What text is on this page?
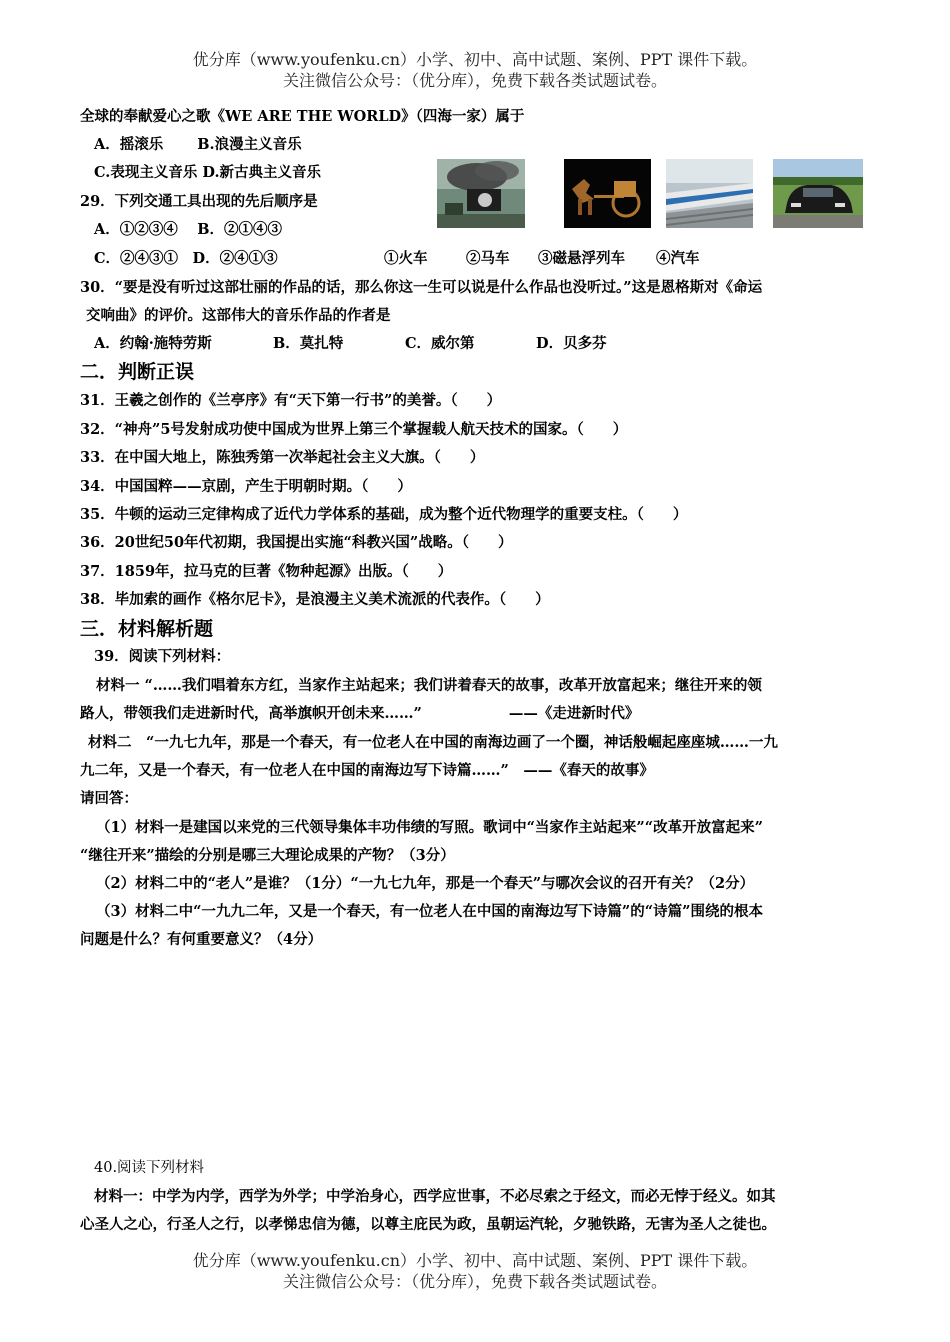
优分库（www.youfenku.cn）小学、初中、高中试题、案例、PPT 课件下载。
关注微信公众号：（优分库），免费下载各类试题试卷。
全球的奉献爱心之歌《WE ARE THE WORLD》（四海一家）属于
A．摇滚乐　　 B.浪漫主义音乐
C.表现主义音乐 D.新古典主义音乐
29．下列交通工具出现的先后顺序是
A．①②③④　 B．②①④③
C．②④③①　D．②④①③	①火车	②马车 ③磁悬浮列车 ④汽车
30．“要是没有听过这部壮丽的作品的话，那么你这一生可以说是什么作品也没听过。”这是恩格斯对《命运
交响曲》的评价。这部伟大的音乐作品的作者是
A．约翰·施特劳斯	B．莫扎特	C．威尔第	D．贝多芬
二．判断正误
31．王羲之创作的《兰亭序》有“天下第一行书”的美誉。（　　）
32．“神舟”5号发射成功使中国成为世界上第三个掌握载人航天技术的国家。（　　）
33．在中国大地上，陈独秀第一次举起社会主义大旗。（　　）
34．中国国粹——京剧，产生于明朝时期。（　　）
35．牛顿的运动三定律构成了近代力学体系的基础，成为整个近代物理学的重要支柱。（　　）
36．20世纪50年代初期，我国提出实施“科教兴国”战略。（　　）
37．1859年，拉马克的巨著《物种起源》出版。（　　）
38．毕加索的画作《格尔尼卡》，是浪漫主义美术流派的代表作。（　　）
三．材料解析题
39．阅读下列材料：
材料一 “……我们唱着东方红，当家作主站起来；我们讲着春天的故事，改革开放富起来；继往开来的领
路人，带领我们走进新时代，高举旗帜开创未来……”　　　　　　——《走进新时代》
材料二　“一九七九年，那是一个春天，有一位老人在中国的南海边画了一个圈，神话般崛起座座城……一九
九二年，又是一个春天，有一位老人在中国的南海边写下诗篇……”　——《春天的故事》
请回答：
（1）材料一是建国以来党的三代领导集体丰功伟绩的写照。歌词中“当家作主站起来”“改革开放富起来”
“继往开来”描绘的分别是哪三大理论成果的产物？（3分）
（2）材料二中的“老人”是谁？（1分）“一九七九年，那是一个春天”与哪次会议的召开有关？（2分）
（3）材料二中“一九九二年，又是一个春天，有一位老人在中国的南海边写下诗篇”的“诗篇”围绕的根本
问题是什么？有何重要意义？（4分）
40.阅读下列材料
材料一：中学为内学，西学为外学；中学治身心，西学应世事，不必尽索之于经文，而必无悖于经义。如其
心圣人之心，行圣人之行，以孝悌忠信为德，以尊主庇民为政，虽朝运汽轮，夕驰铁路，无害为圣人之徒也。
优分库（www.youfenku.cn）小学、初中、高中试题、案例、PPT 课件下载。
关注微信公众号：（优分库），免费下载各类试题试卷。
